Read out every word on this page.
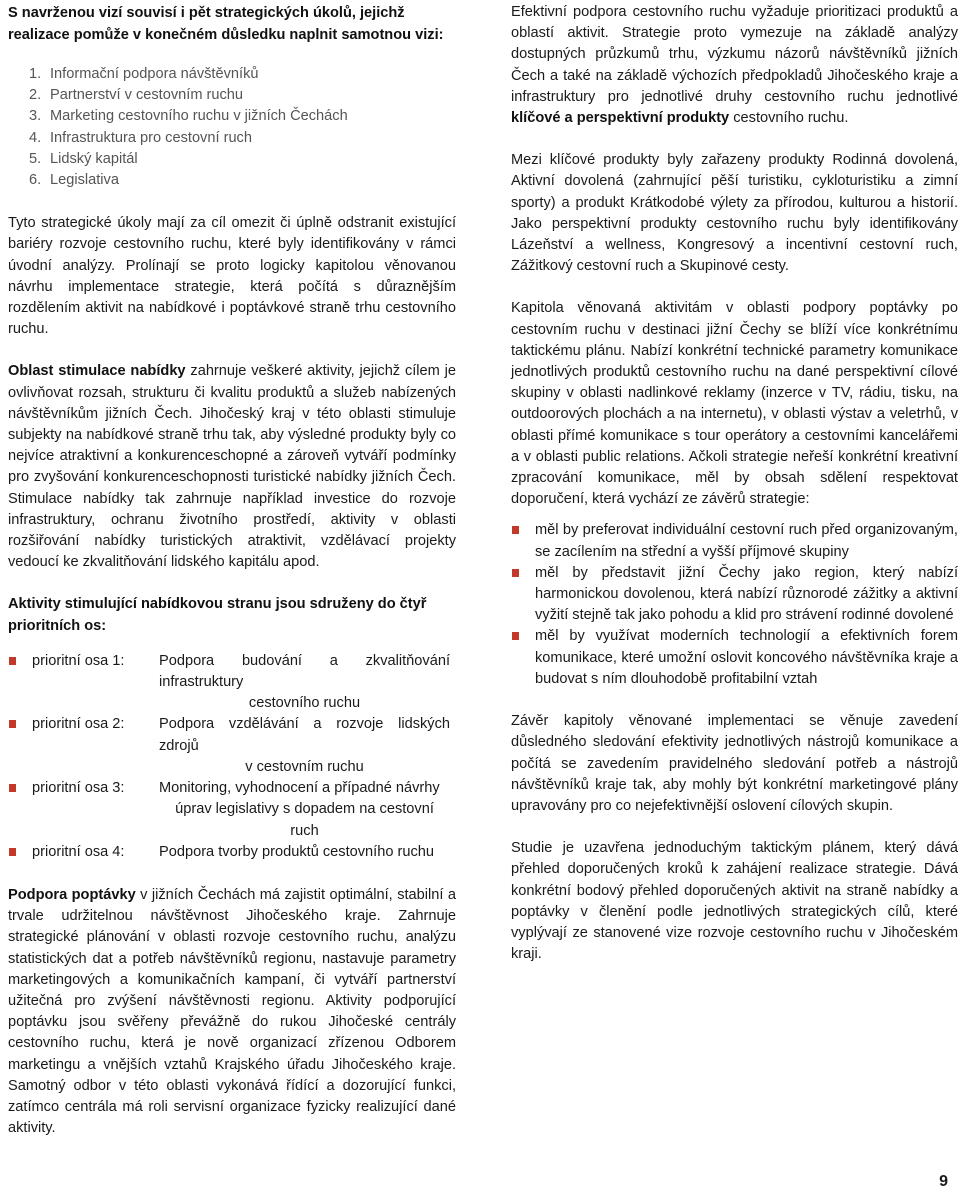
S navrženou vizí souvisí i pět strategických úkolů, jejichž realizace pomůže v konečném důsledku naplnit samotnou vizi:

1. Informační podpora návštěvníků
2. Partnerství v cestovním ruchu
3. Marketing cestovního ruchu v jižních Čechách
4. Infrastruktura pro cestovní ruch
5. Lidský kapitál
6. Legislativa

Tyto strategické úkoly mají za cíl omezit či úplně odstranit existující bariéry rozvoje cestovního ruchu, které byly identifikovány v rámci úvodní analýzy. Prolínají se proto logicky kapitolou věnovanou návrhu implementace strategie, která počítá s důraznějším rozdělením aktivit na nabídkové i poptávkové straně trhu cestovního ruchu.

Oblast stimulace nabídky zahrnuje veškeré aktivity, jejichž cílem je ovlivňovat rozsah, strukturu či kvalitu produktů a služeb nabízených návštěvníkům jižních Čech. Jihočeský kraj v této oblasti stimuluje subjekty na nabídkové straně trhu tak, aby výsledné produkty byly co nejvíce atraktivní a konkurenceschopné a zároveň vytváří podmínky pro zvyšování konkurenceschopnosti turistické nabídky jižních Čech. Stimulace nabídky tak zahrnuje například investice do rozvoje infrastruktury, ochranu životního prostředí, aktivity v oblasti rozšiřování nabídky turistických atraktivit, vzdělávací projekty vedoucí ke zkvalitňování lidského kapitálu apod.

Aktivity stimulující nabídkovou stranu jsou sdruženy do čtyř prioritních os:

prioritní osa 1:	Podpora budování a zkvalitňování infrastruktury
cestovního ruchu
prioritní osa 2:	Podpora vzdělávání a rozvoje lidských zdrojů
v cestovním ruchu
prioritní osa 3:	Monitoring, vyhodnocení a případné návrhy
úprav legislativy s dopadem na cestovní ruch
prioritní osa 4:	Podpora tvorby produktů cestovního ruchu

Podpora poptávky v jižních Čechách má zajistit optimální, stabilní a trvale udržitelnou návštěvnost Jihočeského kraje. Zahrnuje strategické plánování v oblasti rozvoje cestovního ruchu, analýzu statistických dat a potřeb návštěvníků regionu, nastavuje parametry marketingových a komunikačních kampaní, či vytváří partnerství užitečná pro zvýšení návštěvnosti regionu. Aktivity podporující poptávku jsou svěřeny převážně do rukou Jihočeské centrály cestovního ruchu, která je nově organizací zřízenou Odborem marketingu a vnějších vztahů Krajského úřadu Jihočeského kraje. Samotný odbor v této oblasti vykonává řídící a dozorující funkci, zatímco centrála má roli servisní organizace fyzicky realizující dané aktivity.

Efektivní podpora cestovního ruchu vyžaduje prioritizaci produktů a oblastí aktivit. Strategie proto vymezuje na základě analýzy dostupných průzkumů trhu, výzkumu názorů návštěvníků jižních Čech a také na základě výchozích předpokladů Jihočeského kraje a infrastruktury pro jednotlivé druhy cestovního ruchu jednotlivé klíčové a perspektivní produkty cestovního ruchu.

Mezi klíčové produkty byly zařazeny produkty Rodinná dovolená, Aktivní dovolená (zahrnující pěší turistiku, cykloturistiku a zimní sporty) a produkt Krátkodobé výlety za přírodou, kulturou a historií. Jako perspektivní produkty cestovního ruchu byly identifikovány Lázeňství a wellness, Kongresový a incentivní cestovní ruch, Zážitkový cestovní ruch a Skupinové cesty.

Kapitola věnovaná aktivitám v oblasti podpory poptávky po cestovním ruchu v destinaci jižní Čechy se blíží více konkrétnímu taktickému plánu. Nabízí konkrétní technické parametry komunikace jednotlivých produktů cestovního ruchu na dané perspektivní cílové skupiny v oblasti nadlinkové reklamy (inzerce v TV, rádiu, tisku, na outdoorových plochách a na internetu), v oblasti výstav a veletrhů, v oblasti přímé komunikace s tour operátory a cestovními kancelářemi a v oblasti public relations. Ačkoli strategie neřeší konkrétní kreativní zpracování komunikace, měl by obsah sdělení respektovat doporučení, která vychází ze závěrů strategie:

měl by preferovat individuální cestovní ruch před organizovaným, se zacílením na střední a vyšší příjmové skupiny
měl by představit jižní Čechy jako region, který nabízí harmonickou dovolenou, která nabízí různorodé zážitky a aktivní vyžití stejně tak jako pohodu a klid pro strávení rodinné dovolené
měl by využívat moderních technologií a efektivních forem komunikace, které umožní oslovit koncového návštěvníka kraje a budovat s ním dlouhodobě profitabilní vztah

Závěr kapitoly věnované implementaci se věnuje zavedení důsledného sledování efektivity jednotlivých nástrojů komunikace a počítá se zavedením pravidelného sledování potřeb a nástrojů návštěvníků kraje tak, aby mohly být konkrétní marketingové plány upravovány pro co nejefektivnější oslovení cílových skupin.

Studie je uzavřena jednoduchým taktickým plánem, který dává přehled doporučených kroků k zahájení realizace strategie. Dává konkrétní bodový přehled doporučených aktivit na straně nabídky a poptávky v členění podle jednotlivých strategických cílů, které vyplývají ze stanovené vize rozvoje cestovního ruchu v Jihočeském kraji.

9
